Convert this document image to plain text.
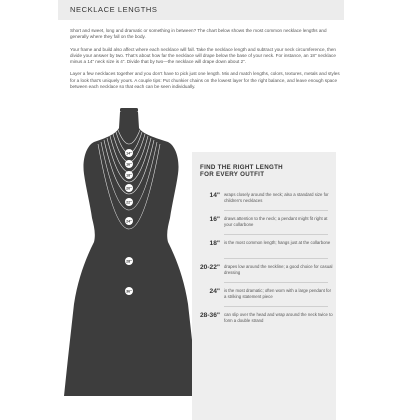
NECKLACE LENGTHS

Short and sweet, long and dramatic or something in between? The chart below shows the most common necklace lengths and generally where they fall on the body.

Your frame and build also affect where each necklace will fall. Take the necklace length and subtract your neck circumference, then divide your answer by two. That’s about how far the necklace will drape below the base of your neck. For instance, an 18” necklace minus a 14” neck size is 4”. Divide that by two—the necklace will drape down about 2”.

Layer a few necklaces together and you don’t have to pick just one length. Mix and match lengths, colors, textures, metals and styles for a look that’s uniquely yours. A couple tips: Put chunkier chains on the lowest layer for the right balance, and leave enough space between each necklace so that each can be seen individually.

14"
16"
18"
20"
22"
24"
28"
36"
FIND THE RIGHT LENGTH
FOR EVERY OUTFIT
14" wraps closely around the neck; also a standard size for children’s necklaces
16" draws attention to the neck; a pendant might fit right at your collarbone
18" is the most common length; hangs just at the collarbone
20-22" drapes low around the neckline; a good choice for casual dressing
24" is the most dramatic; often worn with a large pendant for a striking statement piece
28-36" can slip over the head and wrap around the neck twice to form a double strand
